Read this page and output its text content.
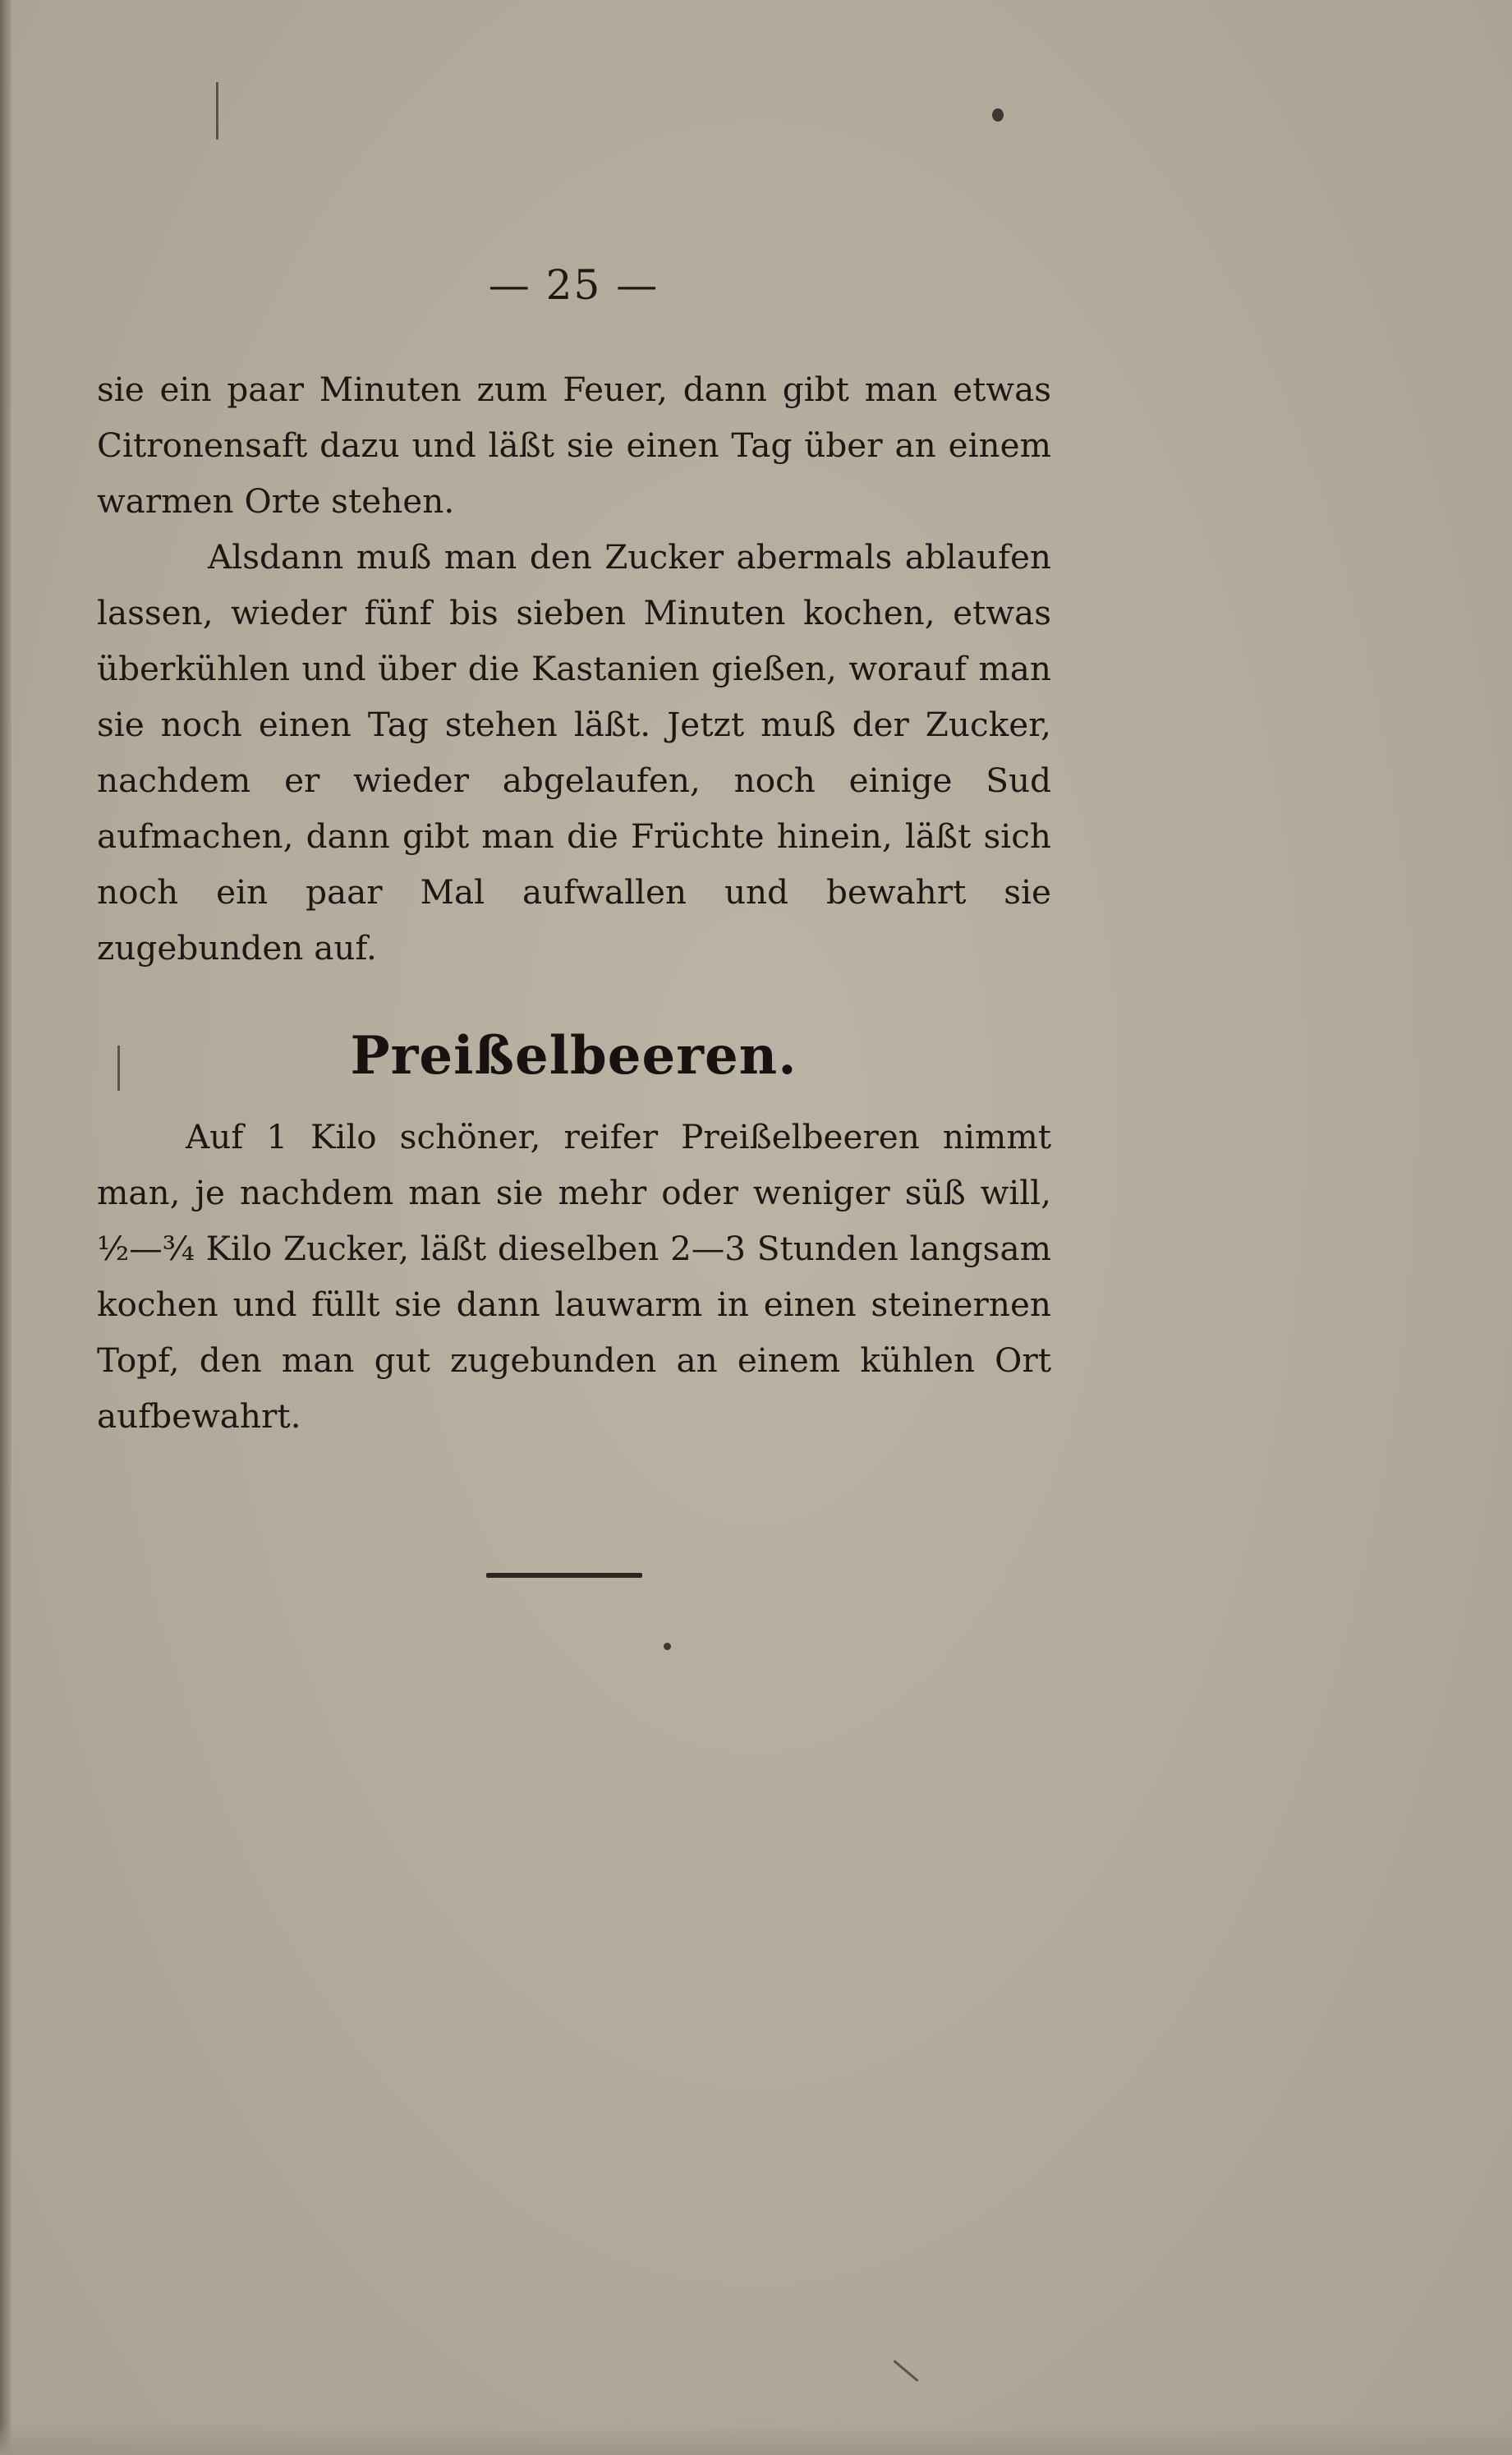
— 25 —

sie ein paar Minuten zum Feuer, dann gibt man etwas Citronensaft dazu und läßt sie einen Tag über an einem warmen Orte stehen.
Alsdann muß man den Zucker abermals ablaufen lassen, wieder fünf bis sieben Minuten kochen, etwas überkühlen und über die Kastanien gießen, worauf man sie noch einen Tag stehen läßt. Jetzt muß der Zucker, nachdem er wieder abgelaufen, noch einige Sud aufmachen, dann gibt man die Früchte hinein, läßt sich noch ein paar Mal aufwallen und bewahrt sie zugebunden auf.

Preißelbeeren.

Auf 1 Kilo schöner, reifer Preißelbeeren nimmt man, je nachdem man sie mehr oder weniger süß will, ½—¾ Kilo Zucker, läßt dieselben 2—3 Stunden langsam kochen und füllt sie dann lauwarm in einen steinernen Topf, den man gut zugebunden an einem kühlen Ort aufbewahrt.
